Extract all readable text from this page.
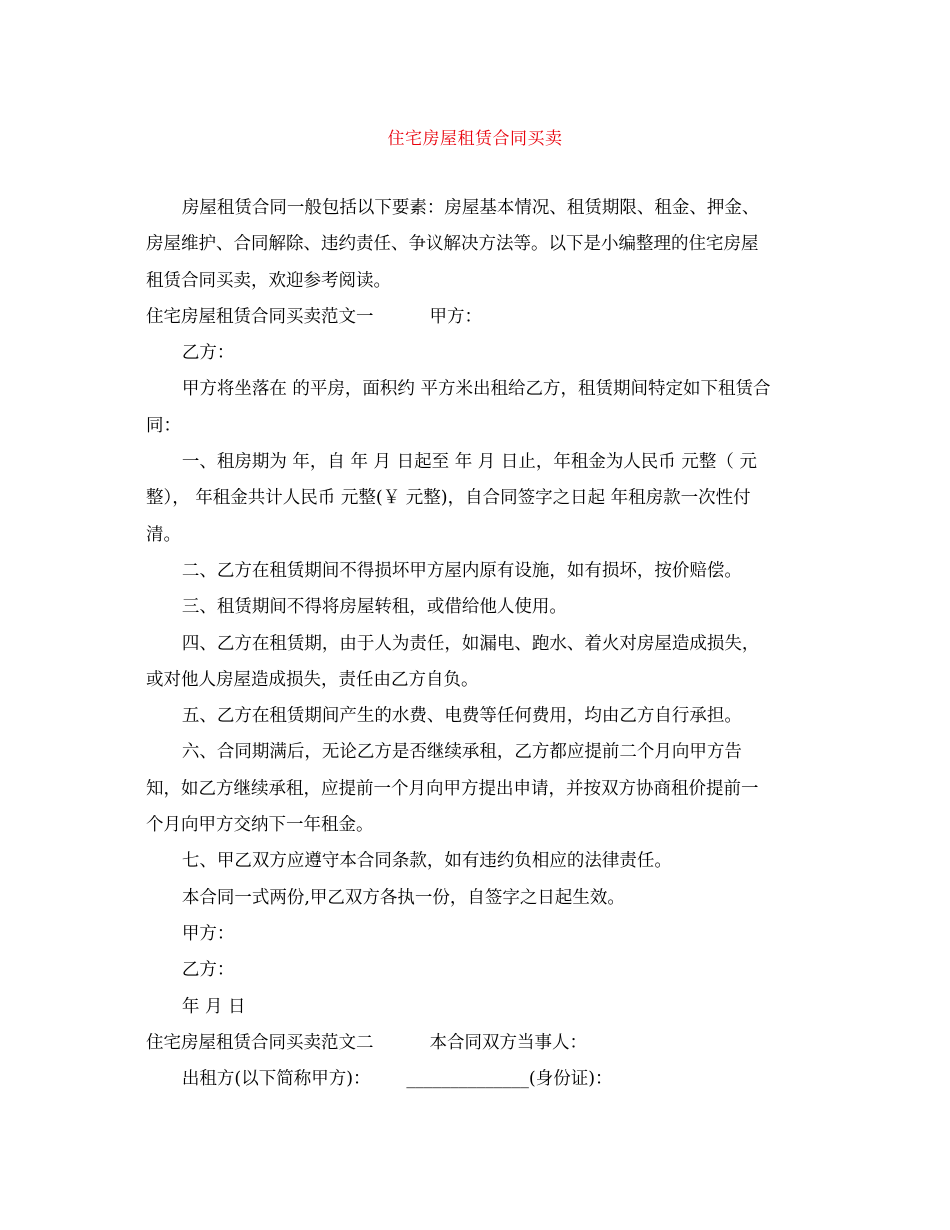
住宅房屋租赁合同买卖

房屋租赁合同一般包括以下要素：房屋基本情况、租赁期限、租金、押金、
房屋维护、合同解除、违约责任、争议解决方法等。以下是小编整理的住宅房屋
租赁合同买卖，欢迎参考阅读。

住宅房屋租赁合同买卖范文一	甲方：

乙方：

甲方将坐落在 的平房，面积约 平方米出租给乙方，租赁期间特定如下租赁合
同：

一、租房期为 年，自 年 月 日起至 年 月 日止，年租金为人民币 元整（ 元
整）， 年租金共计人民币 元整(￥ 元整)，自合同签字之日起 年租房款一次性付
清。

二、乙方在租赁期间不得损坏甲方屋内原有设施，如有损坏，按价赔偿。

三、租赁期间不得将房屋转租，或借给他人使用。

四、乙方在租赁期，由于人为责任，如漏电、跑水、着火对房屋造成损失，
或对他人房屋造成损失，责任由乙方自负。

五、乙方在租赁期间产生的水费、电费等任何费用，均由乙方自行承担。

六、合同期满后，无论乙方是否继续承租，乙方都应提前二个月向甲方告
知，如乙方继续承租，应提前一个月向甲方提出申请，并按双方协商租价提前一
个月向甲方交纳下一年租金。

七、甲乙双方应遵守本合同条款，如有违约负相应的法律责任。

本合同一式两份,甲乙双方各执一份，自签字之日起生效。

甲方：

乙方：

年 月 日

住宅房屋租赁合同买卖范文二	本合同双方当事人：

出租方(以下简称甲方)： ______________(身份证)：
